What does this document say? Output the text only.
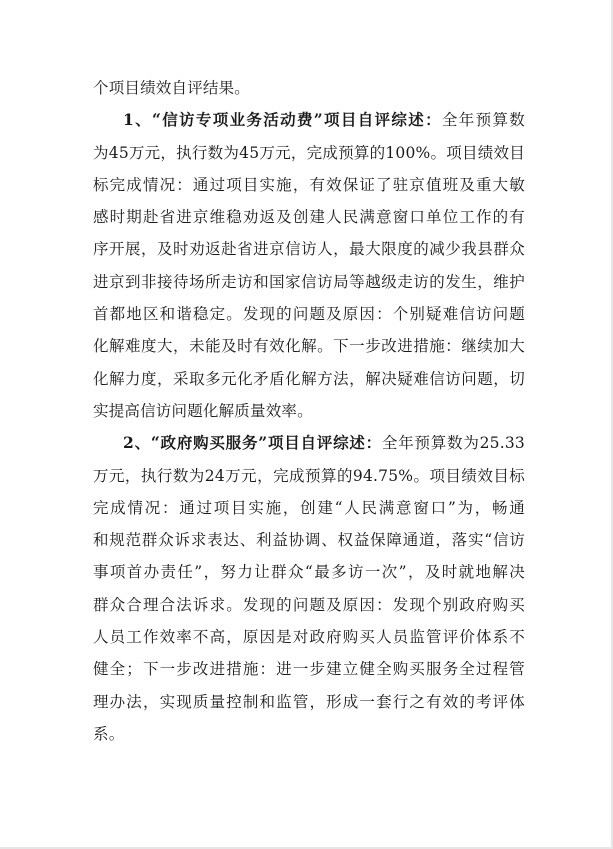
个项目绩效自评结果。
1、“信访专项业务活动费”项目自评综述：全年预算数
为45万元，执行数为45万元，完成预算的100%。项目绩效目
标完成情况：通过项目实施，有效保证了驻京值班及重大敏
感时期赴省进京维稳劝返及创建人民满意窗口单位工作的有
序开展，及时劝返赴省进京信访人，最大限度的减少我县群众
进京到非接待场所走访和国家信访局等越级走访的发生，维护
首都地区和谐稳定。发现的问题及原因：个别疑难信访问题
化解难度大，未能及时有效化解。下一步改进措施：继续加大
化解力度，采取多元化矛盾化解方法，解决疑难信访问题，切
实提高信访问题化解质量效率。
2、“政府购买服务”项目自评综述：全年预算数为25.33
万元，执行数为24万元，完成预算的94.75%。项目绩效目标
完成情况：通过项目实施，创建“人民满意窗口”为，畅通
和规范群众诉求表达、利益协调、权益保障通道，落实“信访
事项首办责任”，努力让群众“最多访一次”，及时就地解决
群众合理合法诉求。发现的问题及原因：发现个别政府购买
人员工作效率不高，原因是对政府购买人员监管评价体系不
健全；下一步改进措施：进一步建立健全购买服务全过程管
理办法，实现质量控制和监管，形成一套行之有效的考评体
系。
